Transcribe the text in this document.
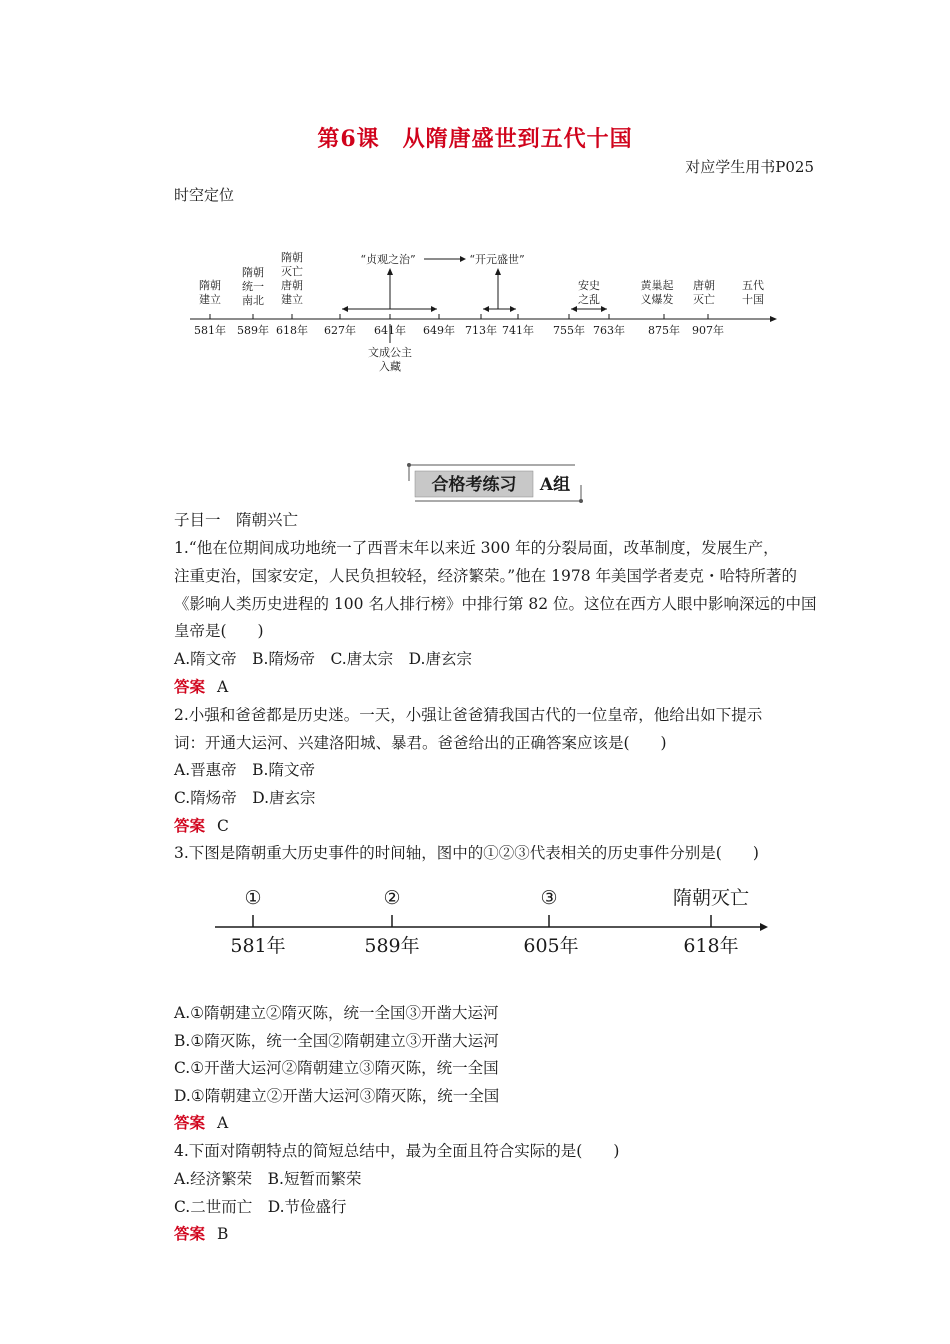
第6课　从隋唐盛世到五代十国
对应学生用书P025
时空定位
隋朝
建立
隋朝
统一
南北
隋朝
灭亡
唐朝
建立
“贞观之治”	“开元盛世”
安史
之乱
黄巢起
义爆发
唐朝
灭亡
五代
十国
581年 589年 618年 627年 641年 649年 713年 741年 755年 763年 875年 907年
文成公主
入藏
合格考练习 A组
子目一　隋朝兴亡
1.“他在位期间成功地统一了西晋末年以来近 300 年的分裂局面，改革制度，发展生产，
注重吏治，国家安定，人民负担较轻，经济繁荣。”他在 1978 年美国学者麦克・哈特所著的
《影响人类历史进程的 100 名人排行榜》中排行第 82 位。这位在西方人眼中影响深远的中国
皇帝是(　　)
A.隋文帝　B.隋炀帝　C.唐太宗　D.唐玄宗
答案 A
2.小强和爸爸都是历史迷。一天，小强让爸爸猜我国古代的一位皇帝，他给出如下提示
词：开通大运河、兴建洛阳城、暴君。爸爸给出的正确答案应该是(　　)
A.晋惠帝　B.隋文帝
C.隋炀帝　D.唐玄宗
答案 C
3.下图是隋朝重大历史事件的时间轴，图中的①②③代表相关的历史事件分别是(　　)
①	②	③	隋朝灭亡
581年	589年	605年	618年
A.①隋朝建立②隋灭陈，统一全国③开凿大运河
B.①隋灭陈，统一全国②隋朝建立③开凿大运河
C.①开凿大运河②隋朝建立③隋灭陈，统一全国
D.①隋朝建立②开凿大运河③隋灭陈，统一全国
答案 A
4.下面对隋朝特点的简短总结中，最为全面且符合实际的是(　　)
A.经济繁荣　B.短暂而繁荣
C.二世而亡　D.节俭盛行
答案 B
